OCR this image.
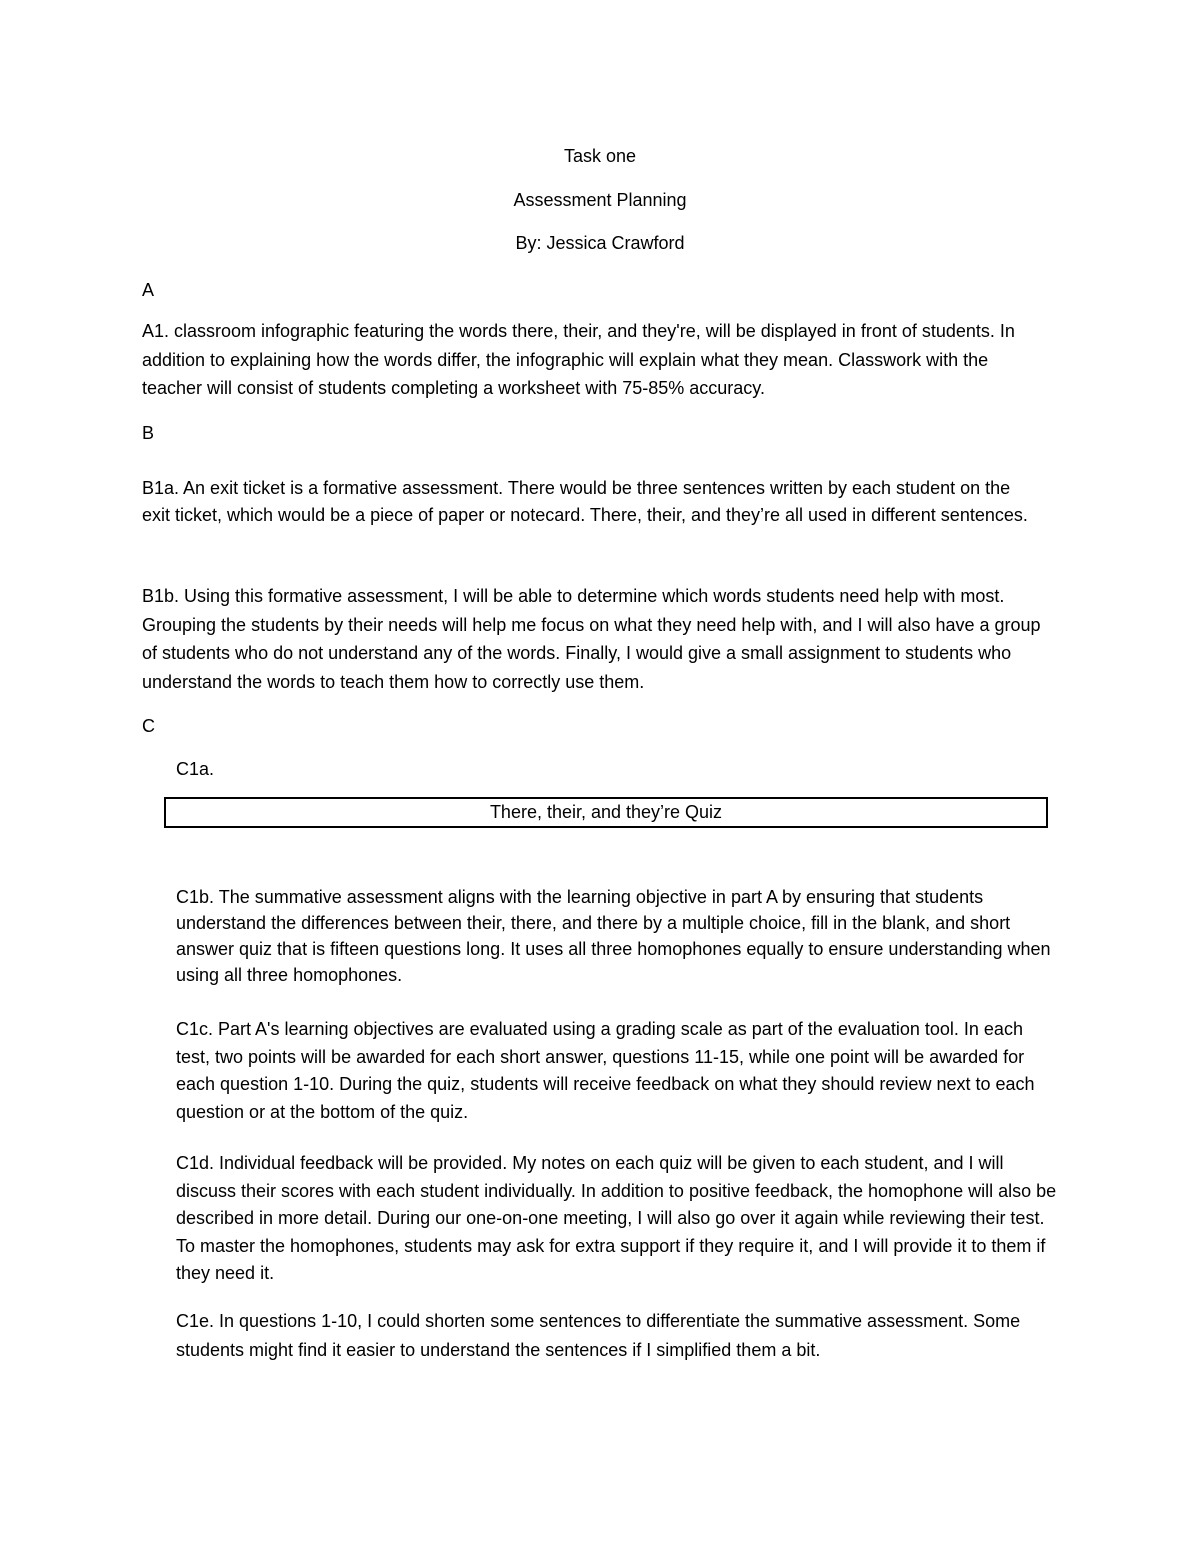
Task one
Assessment Planning
By: Jessica Crawford
A

A1. classroom infographic featuring the words there, their, and they're, will be displayed in front of students. In addition to explaining how the words differ, the infographic will explain what they mean. Classwork with the teacher will consist of students completing a worksheet with 75-85% accuracy.

B

B1a. An exit ticket is a formative assessment. There would be three sentences written by each student on the exit ticket, which would be a piece of paper or notecard. There, their, and they’re all used in different sentences.

B1b. Using this formative assessment, I will be able to determine which words students need help with most. Grouping the students by their needs will help me focus on what they need help with, and I will also have a group of students who do not understand any of the words. Finally, I would give a small assignment to students who understand the words to teach them how to correctly use them.

C
C1a.
There, their, and they’re Quiz

C1b. The summative assessment aligns with the learning objective in part A by ensuring that students understand the differences between their, there, and there by a multiple choice, fill in the blank, and short answer quiz that is fifteen questions long. It uses all three homophones equally to ensure understanding when using all three homophones.

C1c. Part A's learning objectives are evaluated using a grading scale as part of the evaluation tool. In each test, two points will be awarded for each short answer, questions 11-15, while one point will be awarded for each question 1-10. During the quiz, students will receive feedback on what they should review next to each question or at the bottom of the quiz.

C1d. Individual feedback will be provided. My notes on each quiz will be given to each student, and I will discuss their scores with each student individually. In addition to positive feedback, the homophone will also be described in more detail. During our one-on-one meeting, I will also go over it again while reviewing their test. To master the homophones, students may ask for extra support if they require it, and I will provide it to them if they need it.

C1e. In questions 1-10, I could shorten some sentences to differentiate the summative assessment. Some students might find it easier to understand the sentences if I simplified them a bit.
